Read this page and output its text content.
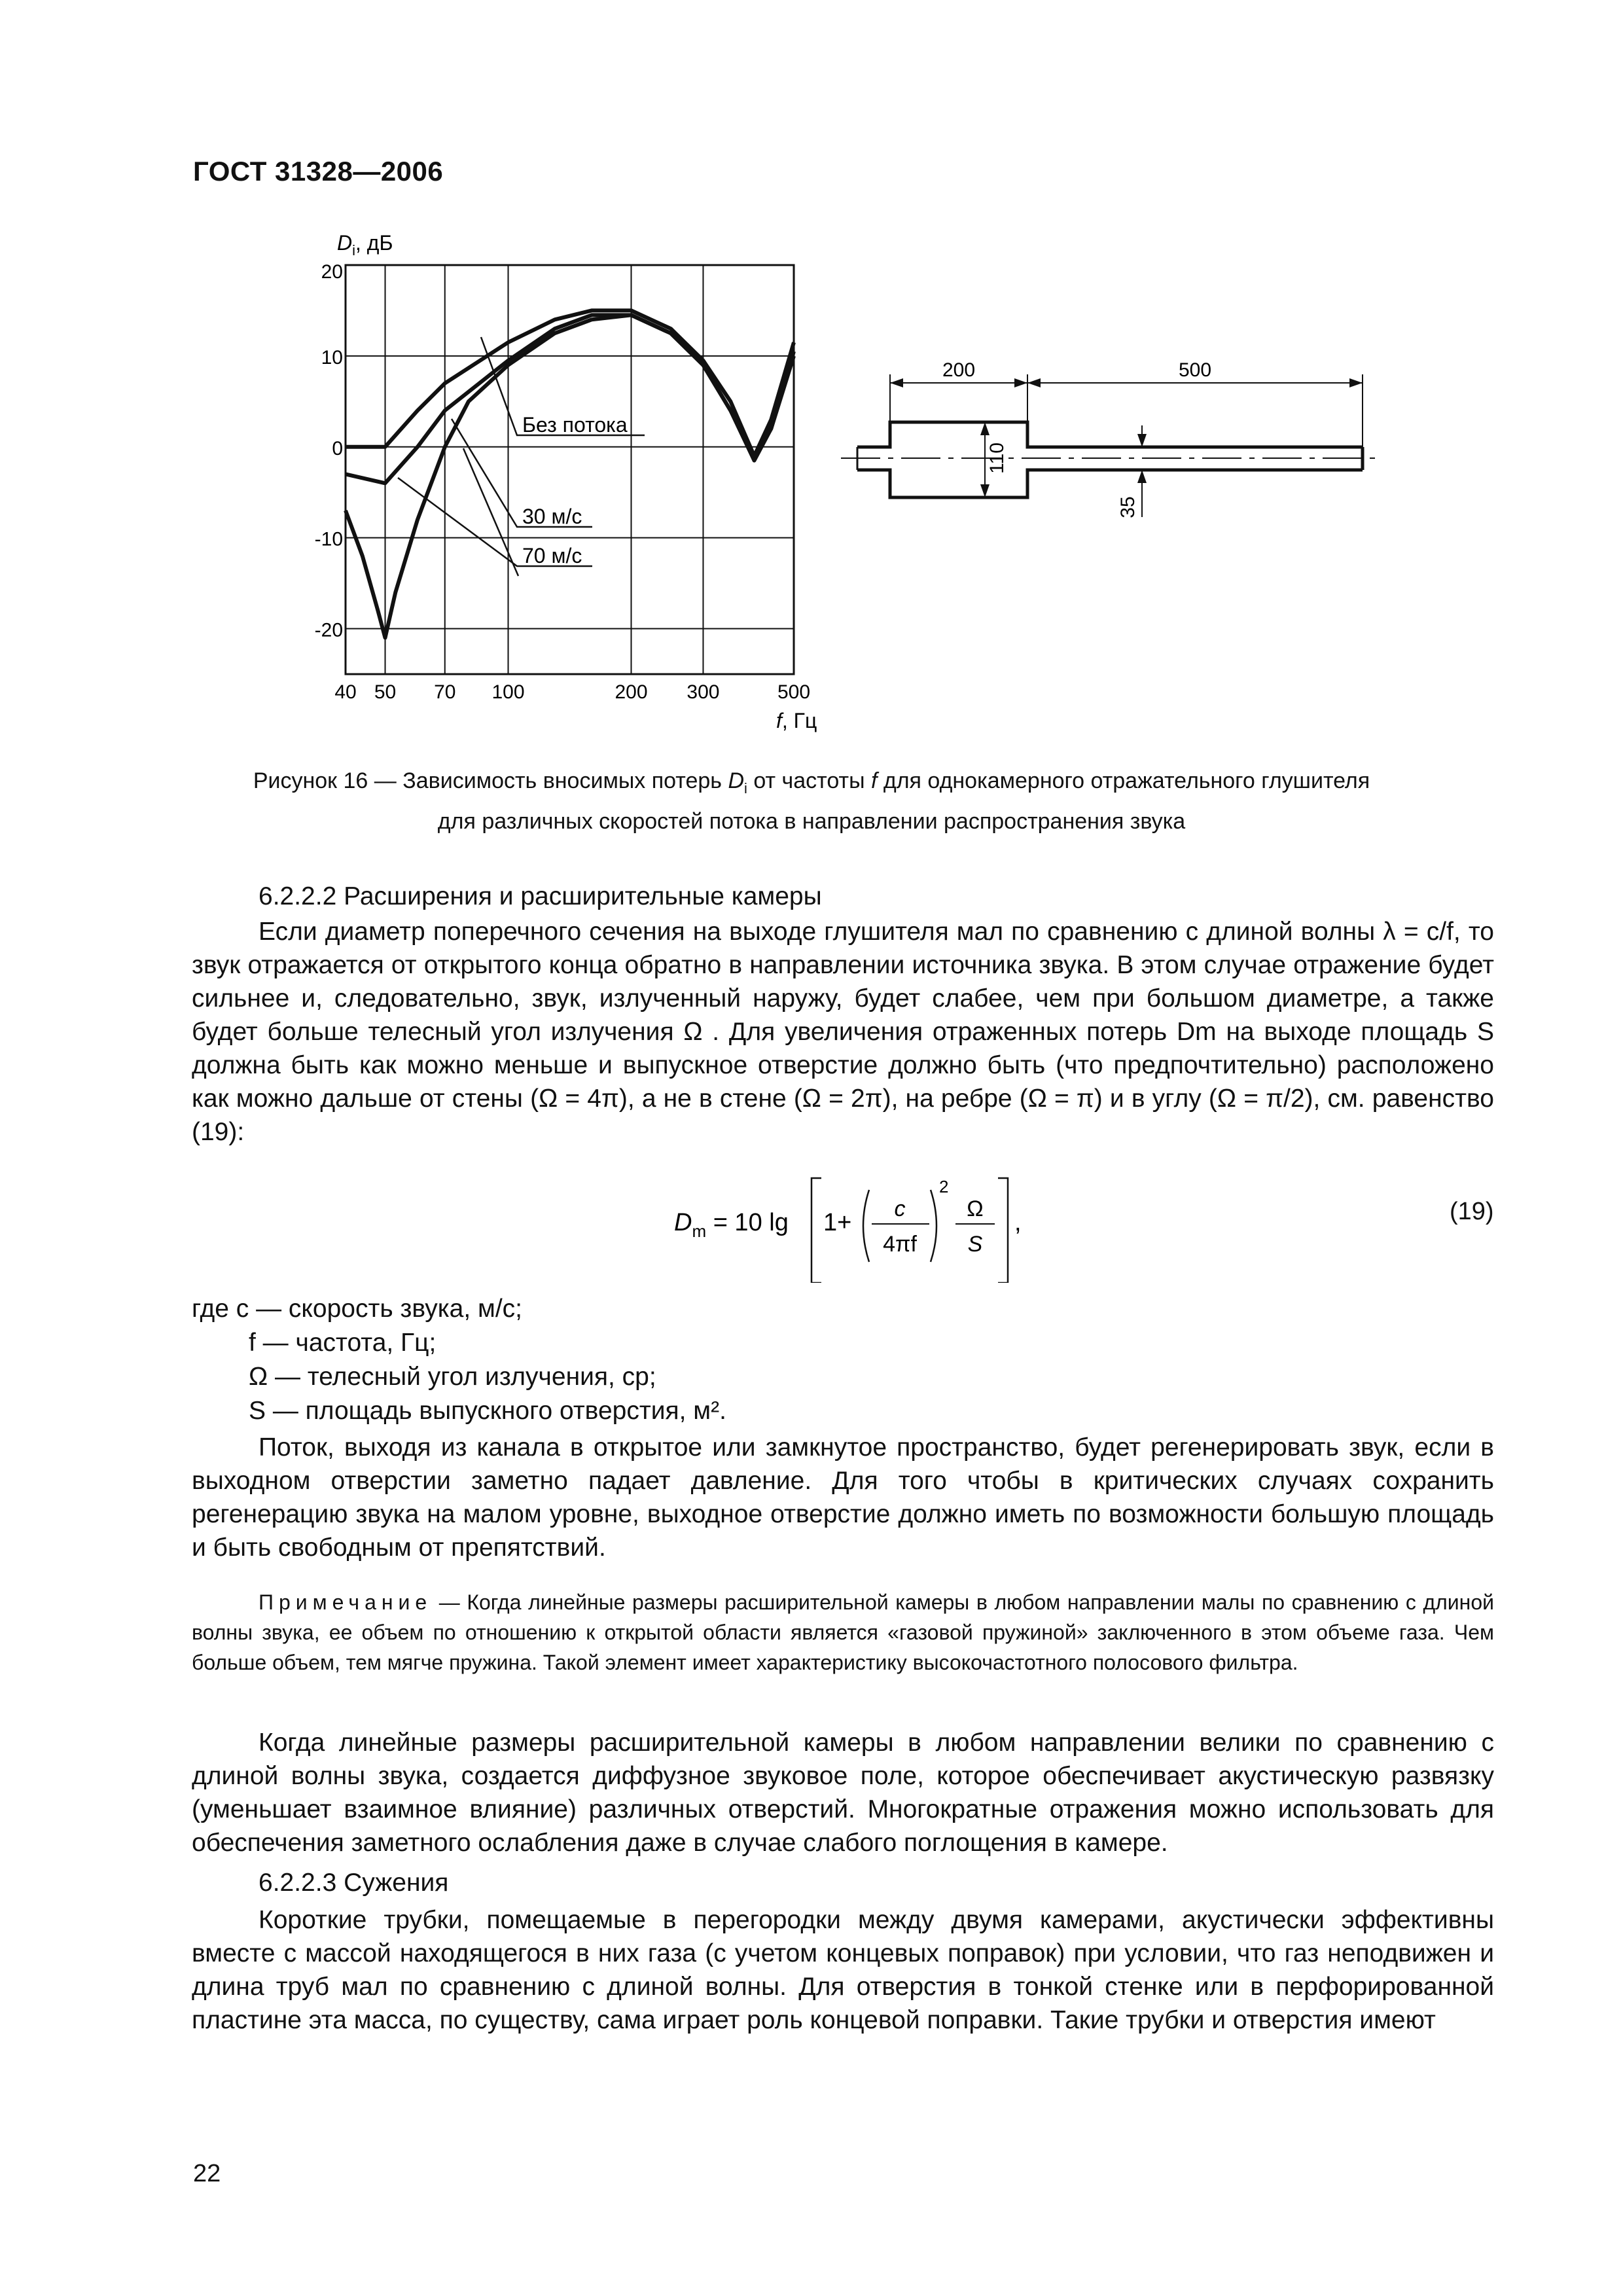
ГОСТ 31328—2006
20
10
0
-10
-20
40 50 70 100	200 300	500
$D_i$, дБ
f, Гц
Без потока
30 м/с
70 м/с
200	500
110
35
Рисунок 16 — Зависимость вносимых потерь $D_i$ от частоты f для однокамерного отражательного глушителя
для различных скоростей потока в направлении распространения звука
6.2.2.2 Расширения и расширительные камеры
Если диаметр поперечного сечения на выходе глушителя мал по сравнению с длиной волны λ = c/f, то звук отражается от открытого конца обратно в направлении источника звука. В этом случае отражение будет сильнее и, следовательно, звук, излученный наружу, будет слабее, чем при большом диаметре, а также будет больше телесный угол излучения Ω . Для увеличения отраженных потерь Dm на выходе площадь S должна быть как можно меньше и выпускное отверстие должно быть (что предпочтительно) расположено как можно дальше от стены (Ω = 4π), а не в стене (Ω = 2π), на ребре (Ω = π) и в углу (Ω = π/2), см. равенство (19):
$D_m = 10$ lg 1+ c
4πf
2
Ω
S
,	(19)
где c — скорость звука, м/с;
f — частота, Гц;
Ω — телесный угол излучения, ср;
S — площадь выпускного отверстия, м².
Поток, выходя из канала в открытое или замкнутое пространство, будет регенерировать звук, если в выходном отверстии заметно падает давление. Для того чтобы в критических случаях сохранить регенерацию звука на малом уровне, выходное отверстие должно иметь по возможности большую площадь и быть свободным от препятствий.
Примечание — Когда линейные размеры расширительной камеры в любом направлении малы по сравнению с длиной волны звука, ее объем по отношению к открытой области является «газовой пружиной» заключенного в этом объеме газа. Чем больше объем, тем мягче пружина. Такой элемент имеет характеристику высокочастотного полосового фильтра.
Когда линейные размеры расширительной камеры в любом направлении велики по сравнению с длиной волны звука, создается диффузное звуковое поле, которое обеспечивает акустическую развязку (уменьшает взаимное влияние) различных отверстий. Многократные отражения можно использовать для обеспечения заметного ослабления даже в случае слабого поглощения в камере.
6.2.2.3 Сужения
Короткие трубки, помещаемые в перегородки между двумя камерами, акустически эффективны вместе с массой находящегося в них газа (с учетом концевых поправок) при условии, что газ неподвижен и длина труб мал по сравнению с длиной волны. Для отверстия в тонкой стенке или в перфорированной пластине эта масса, по существу, сама играет роль концевой поправки. Такие трубки и отверстия имеют
22
